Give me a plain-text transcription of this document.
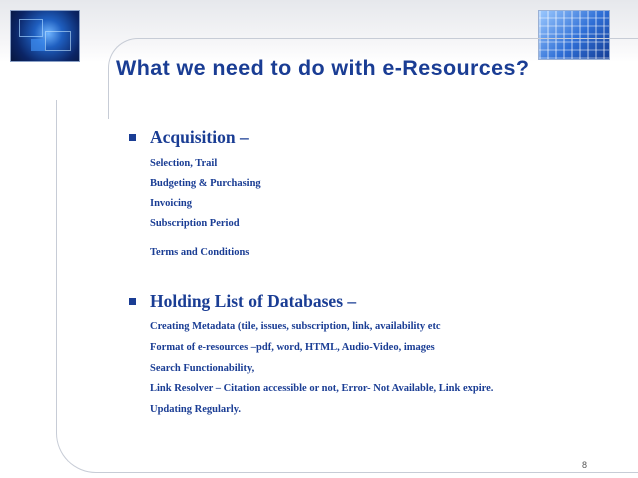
What we need to do with e-Resources?
Acquisition –

Selection, Trail

Budgeting & Purchasing

Invoicing

Subscription Period

Terms and Conditions

Holding List of Databases –

Creating Metadata (tile, issues, subscription, link, availability etc

Format of e-resources –pdf, word, HTML, Audio-Video, images

Search Functionability,

Link Resolver – Citation accessible or not, Error- Not Available, Link expire.

Updating Regularly.

8
